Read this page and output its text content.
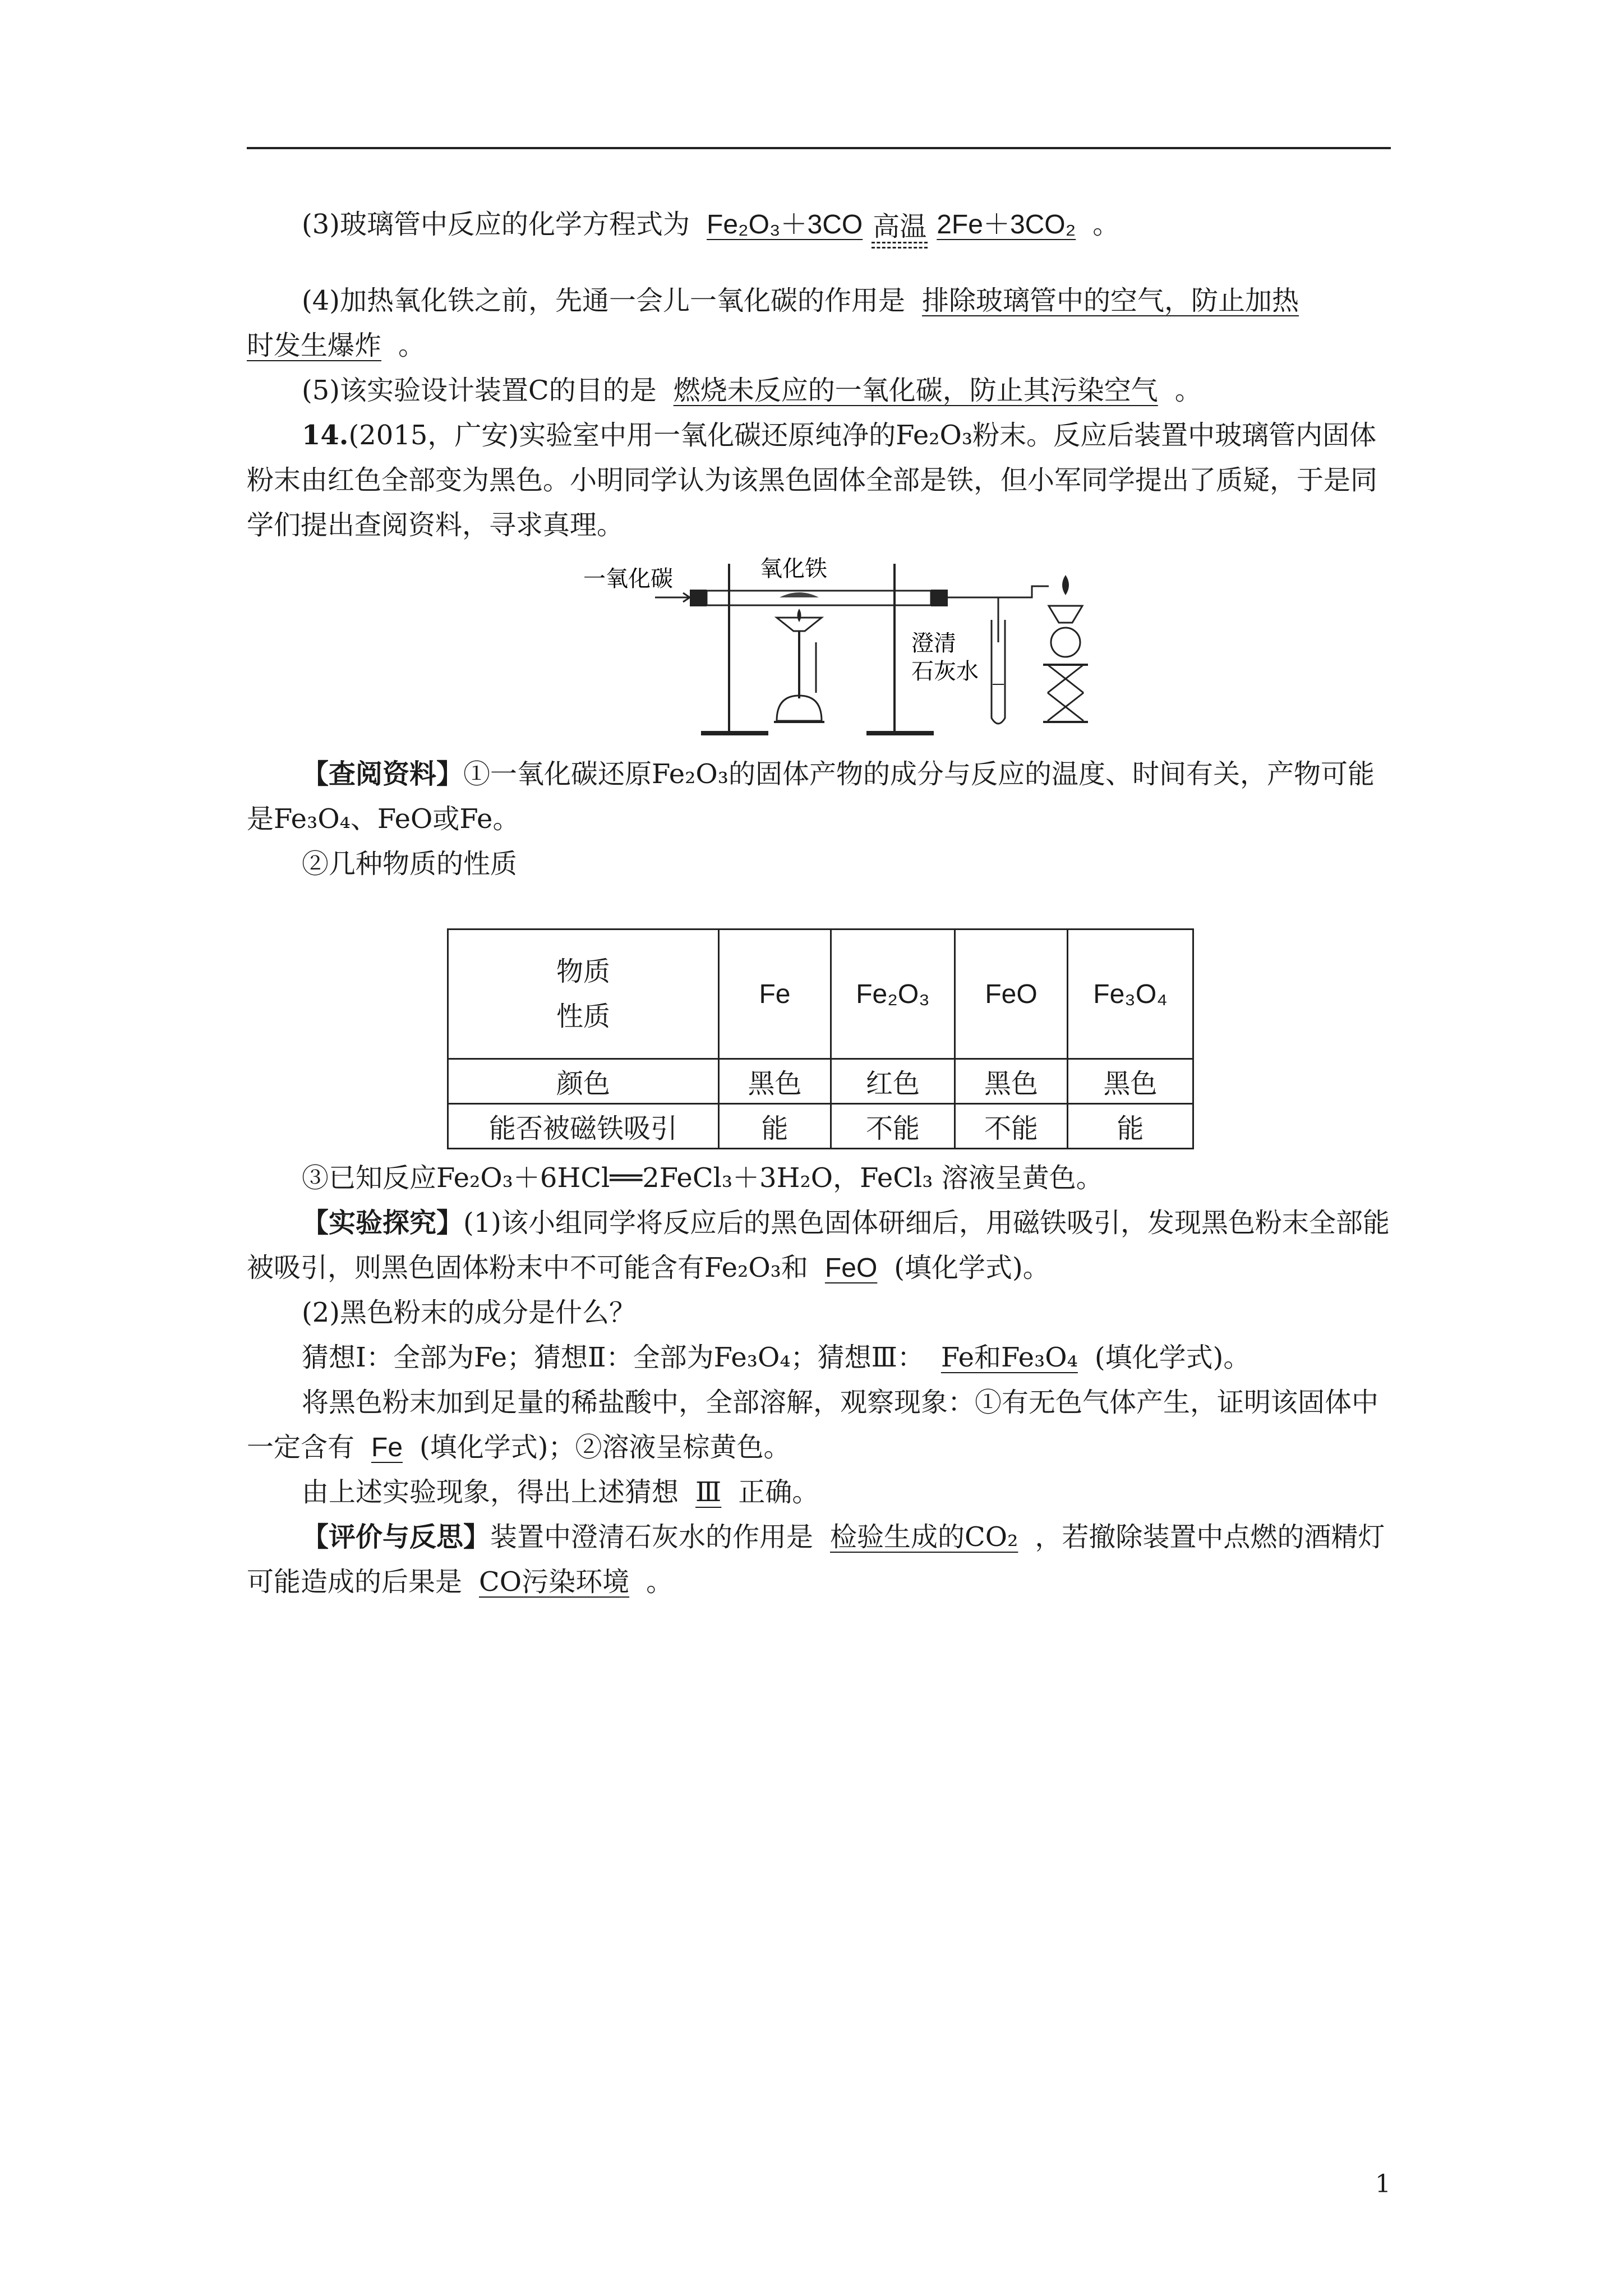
(3)玻璃管中反应的化学方程式为 Fe₂O₃＋3CO 高温 2Fe＋3CO₂ 。
(4)加热氧化铁之前，先通一会儿一氧化碳的作用是 排除玻璃管中的空气，防止加热
时发生爆炸 。
(5)该实验设计装置C的目的是 燃烧未反应的一氧化碳，防止其污染空气 。
14.(2015，广安)实验室中用一氧化碳还原纯净的Fe₂O₃粉末。反应后装置中玻璃管内固体粉末由红色全部变为黑色。小明同学认为该黑色固体全部是铁，但小军同学提出了质疑，于是同学们提出查阅资料，寻求真理。
一氧化碳	氧化铁
澄清
石灰水
【查阅资料】①一氧化碳还原Fe₂O₃的固体产物的成分与反应的温度、时间有关，产物可能是Fe₃O₄、FeO或Fe。
②几种物质的性质
物质
性质	Fe	Fe₂O₃	FeO	Fe₃O₄
颜色	黑色	红色	黑色	黑色
能否被磁铁吸引	能	不能	不能	能
③已知反应Fe₂O₃＋6HCl══2FeCl₃＋3H₂O，FeCl₃ 溶液呈黄色。
【实验探究】(1)该小组同学将反应后的黑色固体研细后，用磁铁吸引，发现黑色粉末全部能被吸引，则黑色固体粉末中不可能含有Fe₂O₃和 FeO (填化学式)。
(2)黑色粉末的成分是什么？
猜想Ⅰ：全部为Fe；猜想Ⅱ：全部为Fe₃O₄；猜想Ⅲ： Fe和Fe₃O₄ (填化学式)。
将黑色粉末加到足量的稀盐酸中，全部溶解，观察现象：①有无色气体产生，证明该固体中一定含有 Fe (填化学式)；②溶液呈棕黄色。
由上述实验现象，得出上述猜想 Ⅲ 正确。
【评价与反思】装置中澄清石灰水的作用是 检验生成的CO₂ ，若撤除装置中点燃的酒精灯可能造成的后果是 CO污染环境 。
1
